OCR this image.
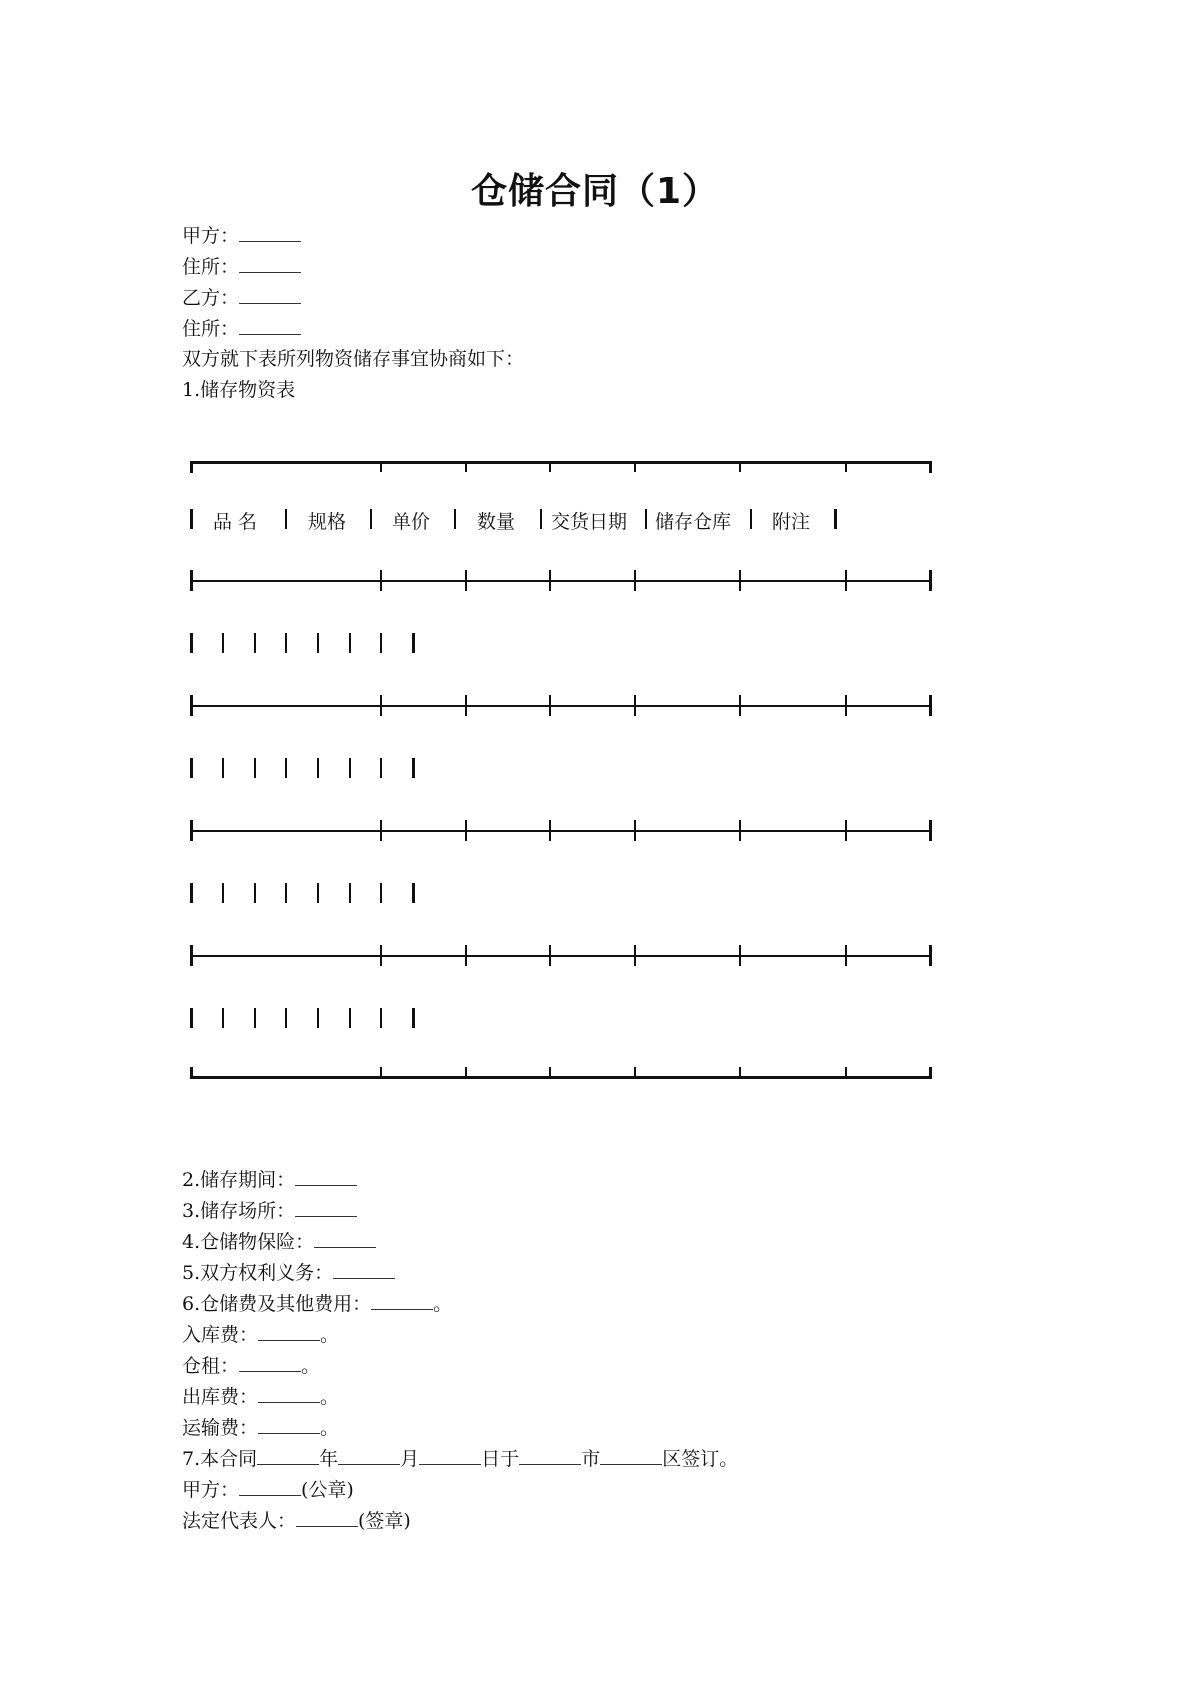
仓储合同（1）
甲方：
住所：
乙方：
住所：
双方就下表所列物资储存事宜协商如下：
1.储存物资表
品 名	规格 单价 数量 交货日期 储存仓库 附注
2.储存期间：
3.储存场所：
4.仓储物保险：
5.双方权利义务：
6.仓储费及其他费用：	。
入库费：	。
仓租：	。
出库费：	。
运输费：	。
7.本合同	年	月	日于	市	区签订。
甲方：	(公章)
法定代表人：	(签章)
